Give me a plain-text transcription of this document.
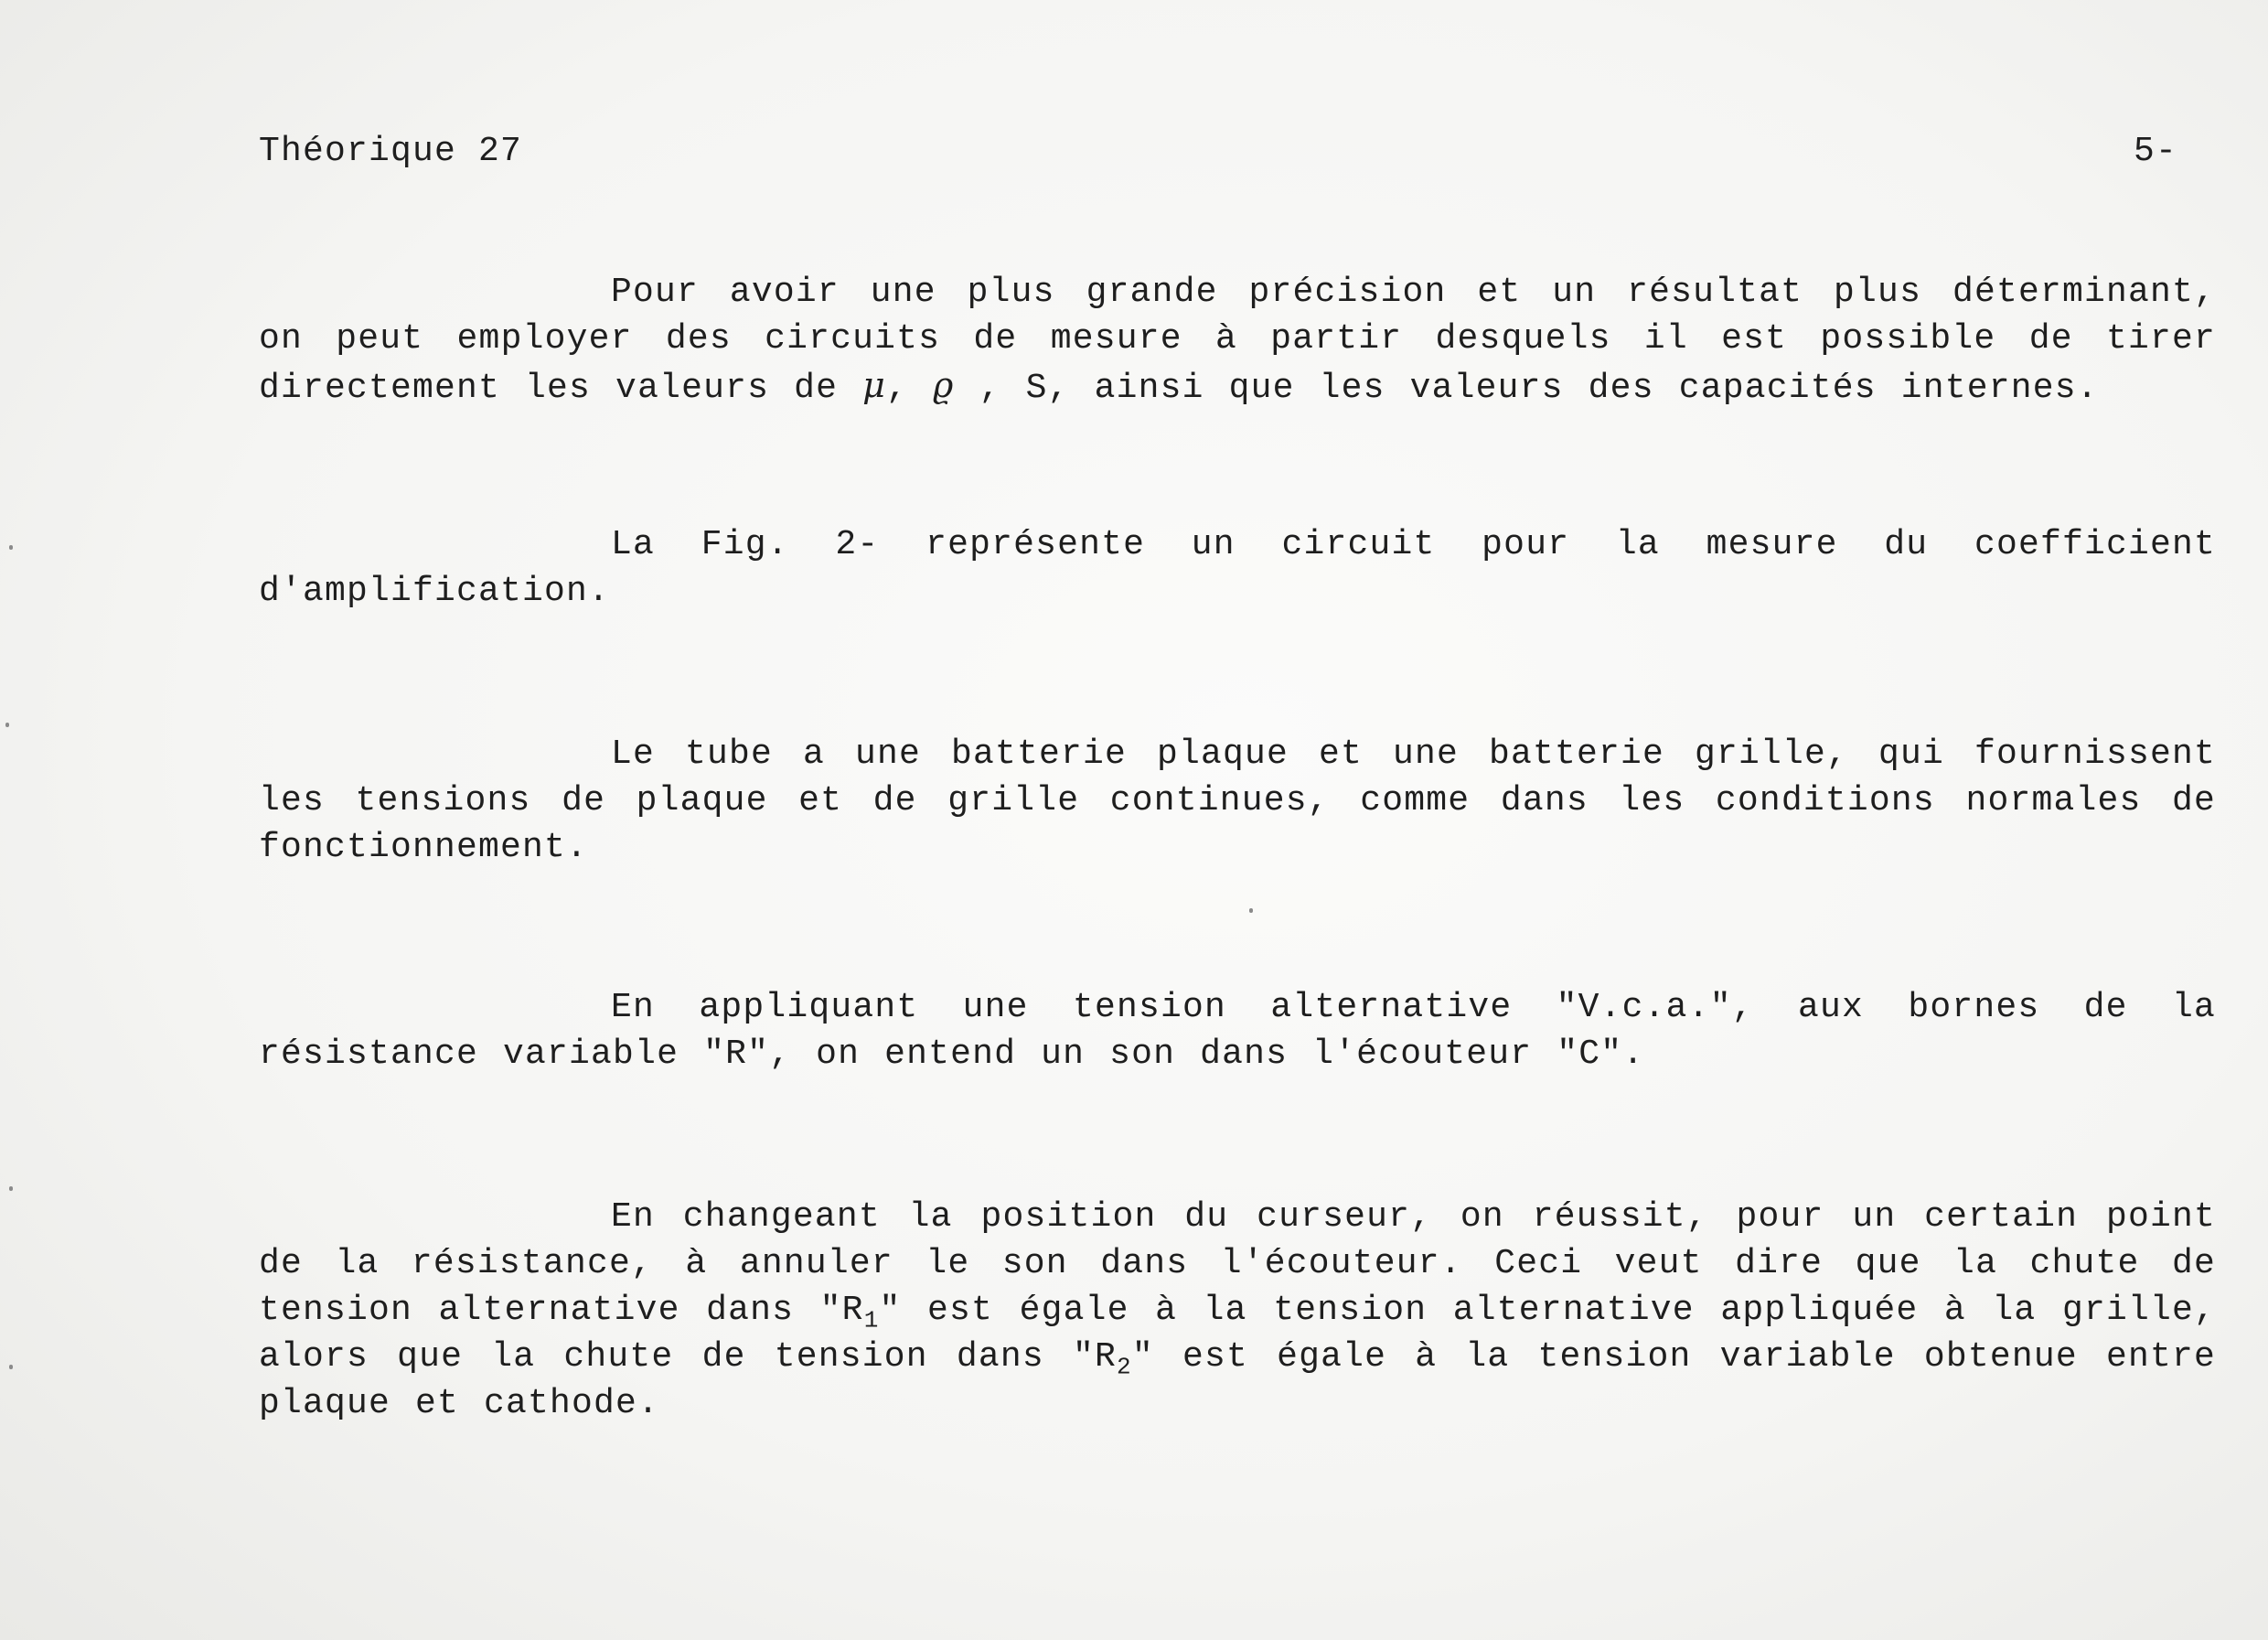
Théorique 27	5-

Pour avoir une plus grande précision et un résultat plus déterminant, on peut employer des circuits de mesure à partir desquels il est possible de tirer directement les valeurs de μ, ϱ , S, ainsi que les valeurs des capacités internes.

La Fig. 2- représente un circuit pour la mesure du coefficient d'amplification.

Le tube a une batterie plaque et une batterie grille, qui fournissent les tensions de plaque et de grille continues, comme dans les conditions normales de fonctionnement.

En appliquant une tension alternative "V.c.a.", aux bornes de la résistance variable "R", on entend un son dans l'écouteur "C".

En changeant la position du curseur, on réussit, pour un certain point de la résistance, à annuler le son dans l'écouteur. Ceci veut dire que la chute de tension alternative dans "$R_1$" est égale à la tension alternative appliquée à la grille, alors que la chute de tension dans "$R_2$" est égale à la tension variable obtenue entre plaque et cathode.
